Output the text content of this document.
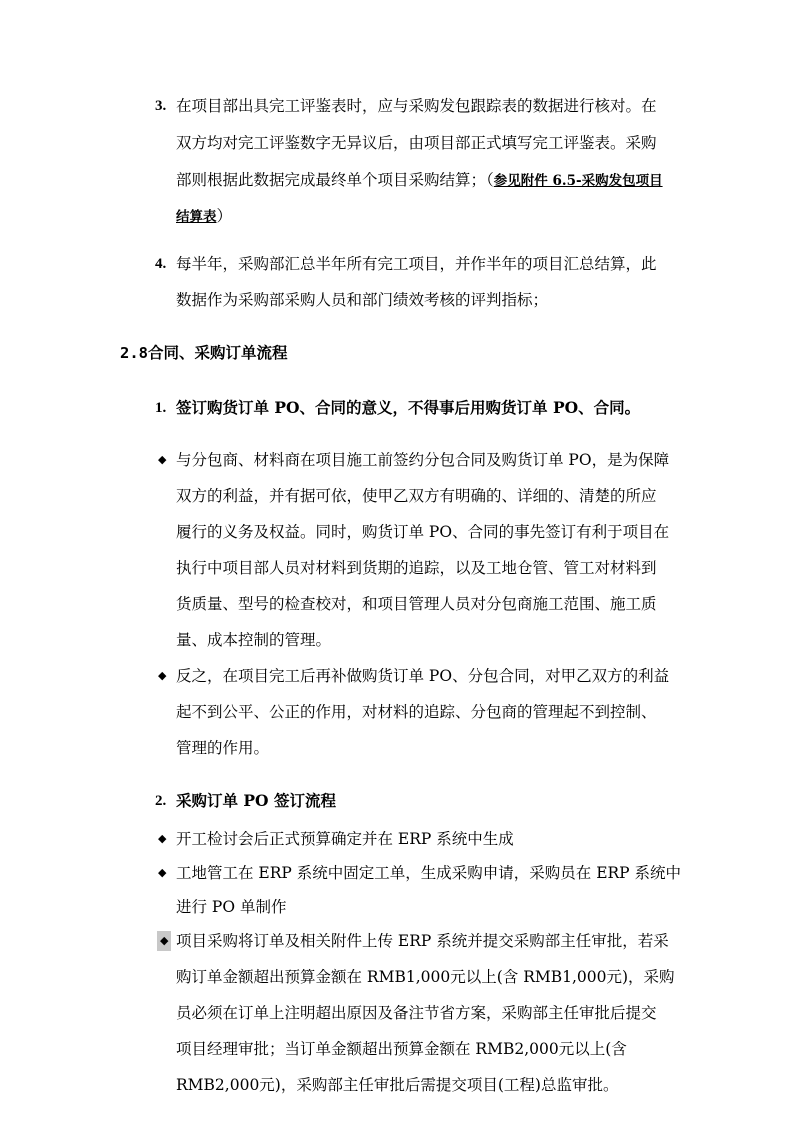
3. 在项目部出具完工评鉴表时，应与采购发包跟踪表的数据进行核对。在
双方均对完工评鉴数字无异议后，由项目部正式填写完工评鉴表。采购
部则根据此数据完成最终单个项目采购结算；（参见附件 6.5-采购发包项目
结算表）
4. 每半年，采购部汇总半年所有完工项目，并作半年的项目汇总结算，此
数据作为采购部采购人员和部门绩效考核的评判指标；
2.8合同、采购订单流程
1. 签订购货订单 PO、合同的意义，不得事后用购货订单 PO、合同。
◆ 与分包商、材料商在项目施工前签约分包合同及购货订单 PO，是为保障
双方的利益，并有据可依，使甲乙双方有明确的、详细的、清楚的所应
履行的义务及权益。同时，购货订单 PO、合同的事先签订有利于项目在
执行中项目部人员对材料到货期的追踪，以及工地仓管、管工对材料到
货质量、型号的检查校对，和项目管理人员对分包商施工范围、施工质
量、成本控制的管理。
◆ 反之，在项目完工后再补做购货订单 PO、分包合同，对甲乙双方的利益
起不到公平、公正的作用，对材料的追踪、分包商的管理起不到控制、
管理的作用。
2. 采购订单 PO 签订流程
◆ 开工检讨会后正式预算确定并在 ERP 系统中生成
◆ 工地管工在 ERP 系统中固定工单，生成采购申请，采购员在 ERP 系统中
进行 PO 单制作
◆ 项目采购将订单及相关附件上传 ERP 系统并提交采购部主任审批，若采
购订单金额超出预算金额在 RMB1,000元以上(含 RMB1,000元)，采购
员必须在订单上注明超出原因及备注节省方案，采购部主任审批后提交
项目经理审批；当订单金额超出预算金额在 RMB2,000元以上(含
RMB2,000元)，采购部主任审批后需提交项目(工程)总监审批。
